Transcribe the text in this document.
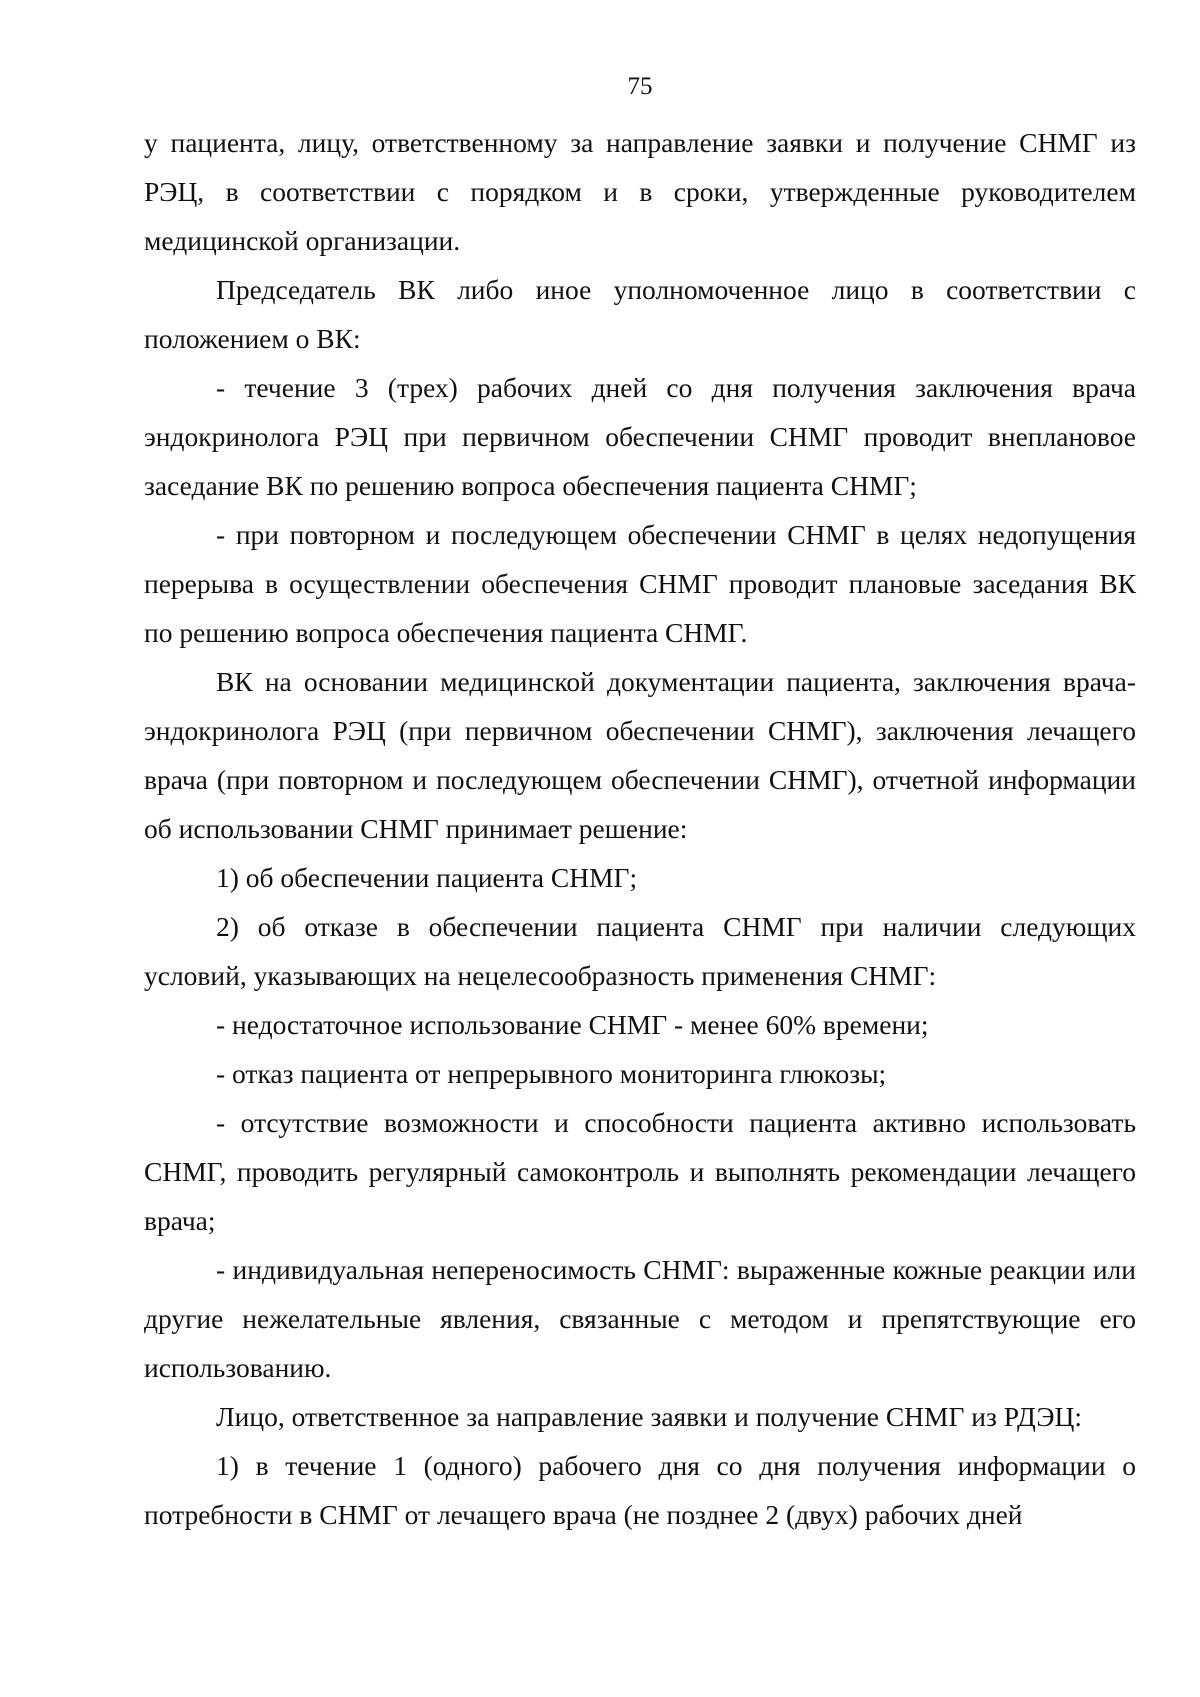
75

у пациента, лицу, ответственному за направление заявки и получение СНМГ из РЭЦ, в соответствии с порядком и в сроки, утвержденные руководителем медицинской организации.

Председатель ВК либо иное уполномоченное лицо в соответствии с положением о ВК:

- течение 3 (трех) рабочих дней со дня получения заключения врача эндокринолога РЭЦ при первичном обеспечении СНМГ проводит внеплановое заседание ВК по решению вопроса обеспечения пациента СНМГ;

- при повторном и последующем обеспечении СНМГ в целях недопущения перерыва в осуществлении обеспечения СНМГ проводит плановые заседания ВК по решению вопроса обеспечения пациента СНМГ.

ВК на основании медицинской документации пациента, заключения врача-эндокринолога РЭЦ (при первичном обеспечении СНМГ), заключения лечащего врача (при повторном и последующем обеспечении СНМГ), отчетной информации об использовании СНМГ принимает решение:

1) об обеспечении пациента СНМГ;

2) об отказе в обеспечении пациента СНМГ при наличии следующих условий, указывающих на нецелесообразность применения СНМГ:

- недостаточное использование СНМГ - менее 60% времени;

- отказ пациента от непрерывного мониторинга глюкозы;

- отсутствие возможности и способности пациента активно использовать СНМГ, проводить регулярный самоконтроль и выполнять рекомендации лечащего врача;

- индивидуальная непереносимость СНМГ: выраженные кожные реакции или другие нежелательные явления, связанные с методом и препятствующие его использованию.

Лицо, ответственное за направление заявки и получение СНМГ из РДЭЦ:

1) в течение 1 (одного) рабочего дня со дня получения информации о потребности в СНМГ от лечащего врача (не позднее 2 (двух) рабочих дней
